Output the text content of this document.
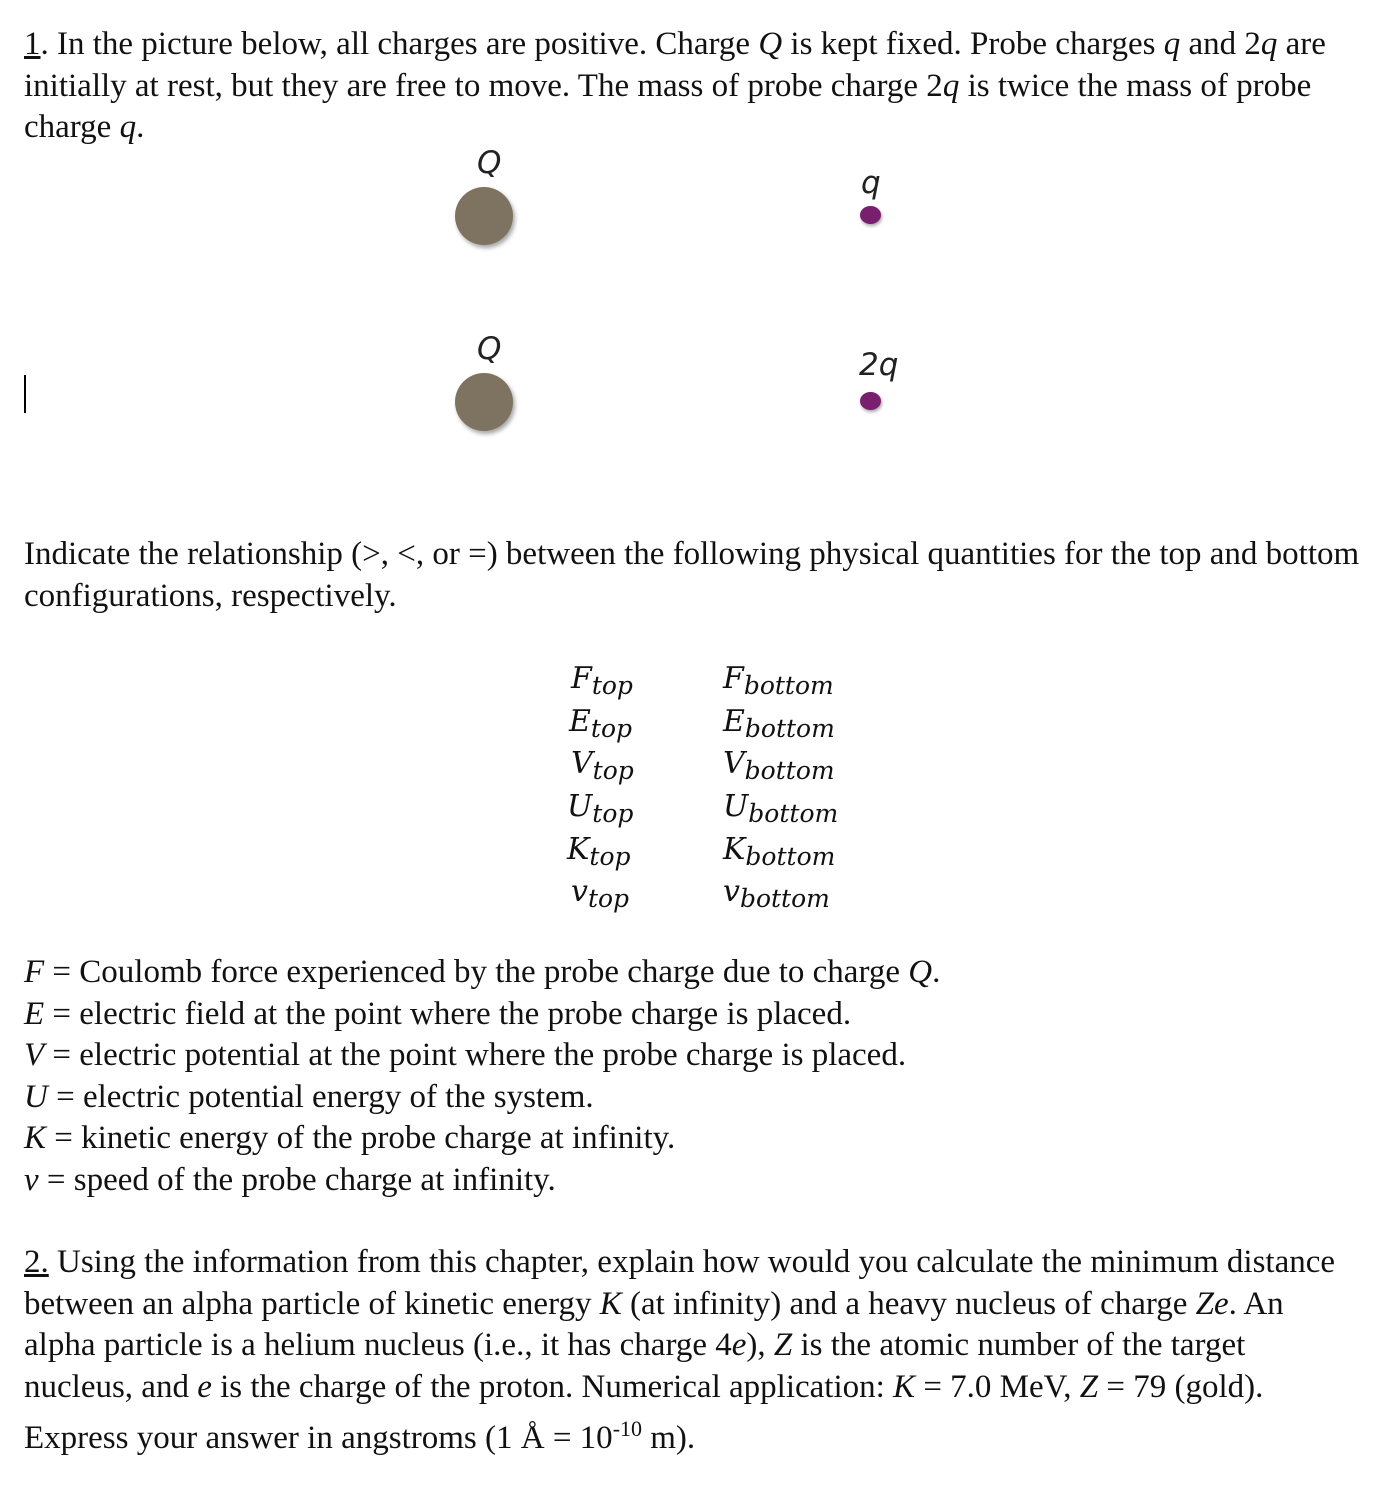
1. In the picture below, all charges are positive. Charge Q is kept fixed. Probe charges q and 2q are initially at rest, but they are free to move. The mass of probe charge 2q is twice the mass of probe charge q.

Q
q
Q	2q

Indicate the relationship (>, <, or =) between the following physical quantities for the top and bottom configurations, respectively.

$F_{top}$	$F_{bottom}$
$E_{top}$	$E_{bottom}$
$V_{top}$	$V_{bottom}$
$U_{top}$	$U_{bottom}$
$K_{top}$	$K_{bottom}$
$v_{top}$	$v_{bottom}$
F = Coulomb force experienced by the probe charge due to charge Q.
E = electric field at the point where the probe charge is placed.
V = electric potential at the point where the probe charge is placed.
U = electric potential energy of the system.
K = kinetic energy of the probe charge at infinity.
v = speed of the probe charge at infinity.

2. Using the information from this chapter, explain how would you calculate the minimum distance between an alpha particle of kinetic energy K (at infinity) and a heavy nucleus of charge Ze. An alpha particle is a helium nucleus (i.e., it has charge 4e), Z is the atomic number of the target nucleus, and e is the charge of the proton. Numerical application: K = 7.0 MeV, Z = 79 (gold). Express your answer in angstroms (1 Å = $10^{-10}$ m).
